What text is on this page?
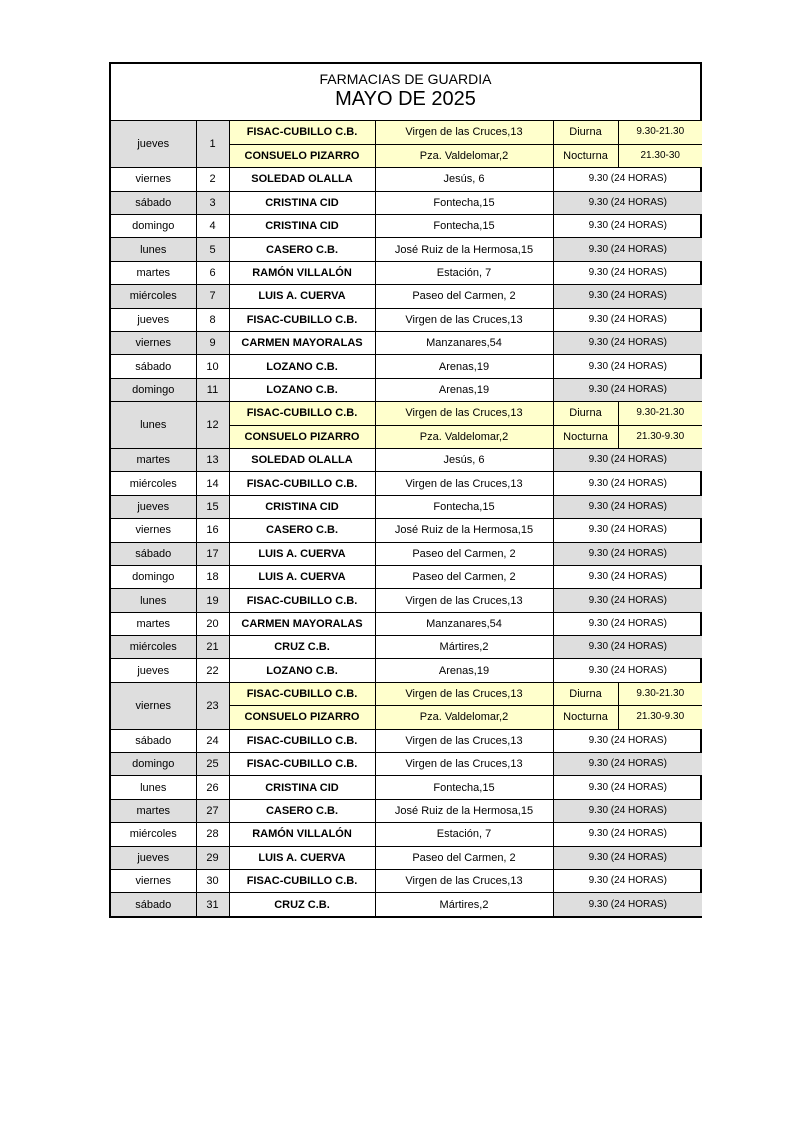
FARMACIAS DE GUARDIA
MAYO DE 2025
jueves	1	FISAC-CUBILLO C.B.	Virgen de las Cruces,13	Diurna	9.30-21.30
		CONSUELO PIZARRO	Pza. Valdelomar,2	Nocturna	21.30-30
viernes	2	SOLEDAD OLALLA	Jesús, 6	9.30 (24 HORAS)	
sábado	3	CRISTINA CID	Fontecha,15	9.30 (24 HORAS)	
domingo	4	CRISTINA CID	Fontecha,15	9.30 (24 HORAS)	
lunes	5	CASERO C.B.	José Ruiz de la Hermosa,15	9.30 (24 HORAS)	
martes	6	RAMÓN VILLALÓN	Estación, 7	9.30 (24 HORAS)	
miércoles	7	LUIS A. CUERVA	Paseo del Carmen, 2	9.30 (24 HORAS)	
jueves	8	FISAC-CUBILLO C.B.	Virgen de las Cruces,13	9.30 (24 HORAS)	
viernes	9	CARMEN MAYORALAS	Manzanares,54	9.30 (24 HORAS)	
sábado	10	LOZANO C.B.	Arenas,19	9.30 (24 HORAS)	
domingo	11	LOZANO C.B.	Arenas,19	9.30 (24 HORAS)	
lunes	12	FISAC-CUBILLO C.B.	Virgen de las Cruces,13	Diurna	9.30-21.30
		CONSUELO PIZARRO	Pza. Valdelomar,2	Nocturna	21.30-9.30
martes	13	SOLEDAD OLALLA	Jesús, 6	9.30 (24 HORAS)	
miércoles	14	FISAC-CUBILLO C.B.	Virgen de las Cruces,13	9.30 (24 HORAS)	
jueves	15	CRISTINA CID	Fontecha,15	9.30 (24 HORAS)	
viernes	16	CASERO C.B.	José Ruiz de la Hermosa,15	9.30 (24 HORAS)	
sábado	17	LUIS A. CUERVA	Paseo del Carmen, 2	9.30 (24 HORAS)	
domingo	18	LUIS A. CUERVA	Paseo del Carmen, 2	9.30 (24 HORAS)	
lunes	19	FISAC-CUBILLO C.B.	Virgen de las Cruces,13	9.30 (24 HORAS)	
martes	20	CARMEN MAYORALAS	Manzanares,54	9.30 (24 HORAS)	
miércoles	21	CRUZ C.B.	Mártires,2	9.30 (24 HORAS)	
jueves	22	LOZANO C.B.	Arenas,19	9.30 (24 HORAS)	
viernes	23	FISAC-CUBILLO C.B.	Virgen de las Cruces,13	Diurna	9.30-21.30
		CONSUELO PIZARRO	Pza. Valdelomar,2	Nocturna	21.30-9.30
sábado	24	FISAC-CUBILLO C.B.	Virgen de las Cruces,13	9.30 (24 HORAS)	
domingo	25	FISAC-CUBILLO C.B.	Virgen de las Cruces,13	9.30 (24 HORAS)	
lunes	26	CRISTINA CID	Fontecha,15	9.30 (24 HORAS)	
martes	27	CASERO C.B.	José Ruiz de la Hermosa,15	9.30 (24 HORAS)	
miércoles	28	RAMÓN VILLALÓN	Estación, 7	9.30 (24 HORAS)	
jueves	29	LUIS A. CUERVA	Paseo del Carmen, 2	9.30 (24 HORAS)	
viernes	30	FISAC-CUBILLO C.B.	Virgen de las Cruces,13	9.30 (24 HORAS)	
sábado	31	CRUZ C.B.	Mártires,2	9.30 (24 HORAS)	
